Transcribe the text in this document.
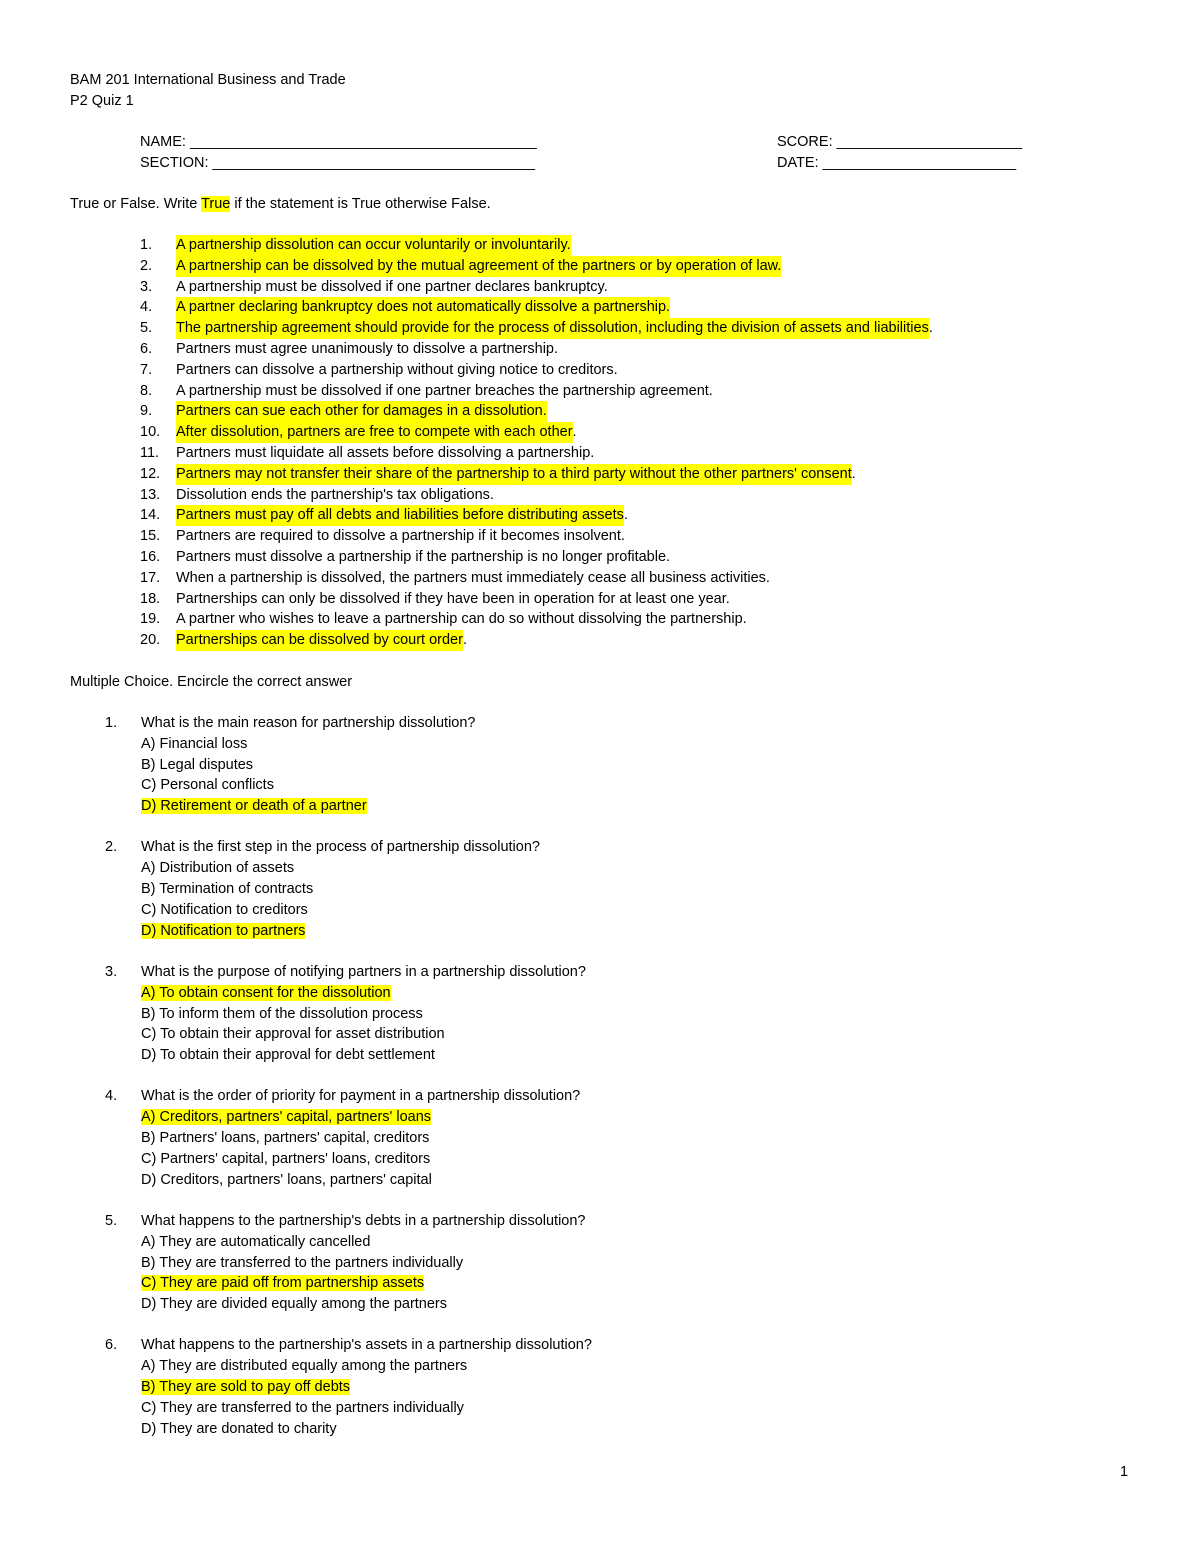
BAM 201 International Business and Trade
P2 Quiz 1
NAME: ___________________________________________
SECTION: ________________________________________
SCORE: _______________________
DATE: ________________________
True or False. Write True if the statement is True otherwise False.
1.	A partnership dissolution can occur voluntarily or involuntarily.
2.	A partnership can be dissolved by the mutual agreement of the partners or by operation of law.
3.	A partnership must be dissolved if one partner declares bankruptcy.
4.	A partner declaring bankruptcy does not automatically dissolve a partnership.
5.	The partnership agreement should provide for the process of dissolution, including the division of assets and liabilities .
6.	Partners must agree unanimously to dissolve a partnership.
7.	Partners can dissolve a partnership without giving notice to creditors.
8.	A partnership must be dissolved if one partner breaches the partnership agreement.
9.	Partners can sue each other for damages in a dissolution.
10.	After dissolution, partners are free to compete with each other .
11.	Partners must liquidate all assets before dissolving a partnership.
12.	Partners may not transfer their share of the partnership to a third party without the other partners' consent .
13.	Dissolution ends the partnership's tax obligations.
14.	Partners must pay off all debts and liabilities before distributing assets .
15.	Partners are required to dissolve a partnership if it becomes insolvent.
16.	Partners must dissolve a partnership if the partnership is no longer profitable.
17.	When a partnership is dissolved, the partners must immediately cease all business activities.
18.	Partnerships can only be dissolved if they have been in operation for at least one year.
19.	A partner who wishes to leave a partnership can do so without dissolving the partnership.
20.	Partnerships can be dissolved by court order .
Multiple Choice. Encircle the correct answer
1.	What is the main reason for partnership dissolution?
A) Financial loss
B) Legal disputes
C) Personal conflicts
D) Retirement or death of a partner
2.	What is the first step in the process of partnership dissolution?
A) Distribution of assets
B) Termination of contracts
C) Notification to creditors
D) Notification to partners
3.	What is the purpose of notifying partners in a partnership dissolution?
A) To obtain consent for the dissolution
B) To inform them of the dissolution process
C) To obtain their approval for asset distribution
D) To obtain their approval for debt settlement
4.	What is the order of priority for payment in a partnership dissolution?
A) Creditors, partners' capital, partners' loans
B) Partners' loans, partners' capital, creditors
C) Partners' capital, partners' loans, creditors
D) Creditors, partners' loans, partners' capital
5.	What happens to the partnership's debts in a partnership dissolution?
A) They are automatically cancelled
B) They are transferred to the partners individually
C) They are paid off from partnership assets
D) They are divided equally among the partners
6.	What happens to the partnership's assets in a partnership dissolution?
A) They are distributed equally among the partners
B) They are sold to pay off debts
C) They are transferred to the partners individually
D) They are donated to charity
1
